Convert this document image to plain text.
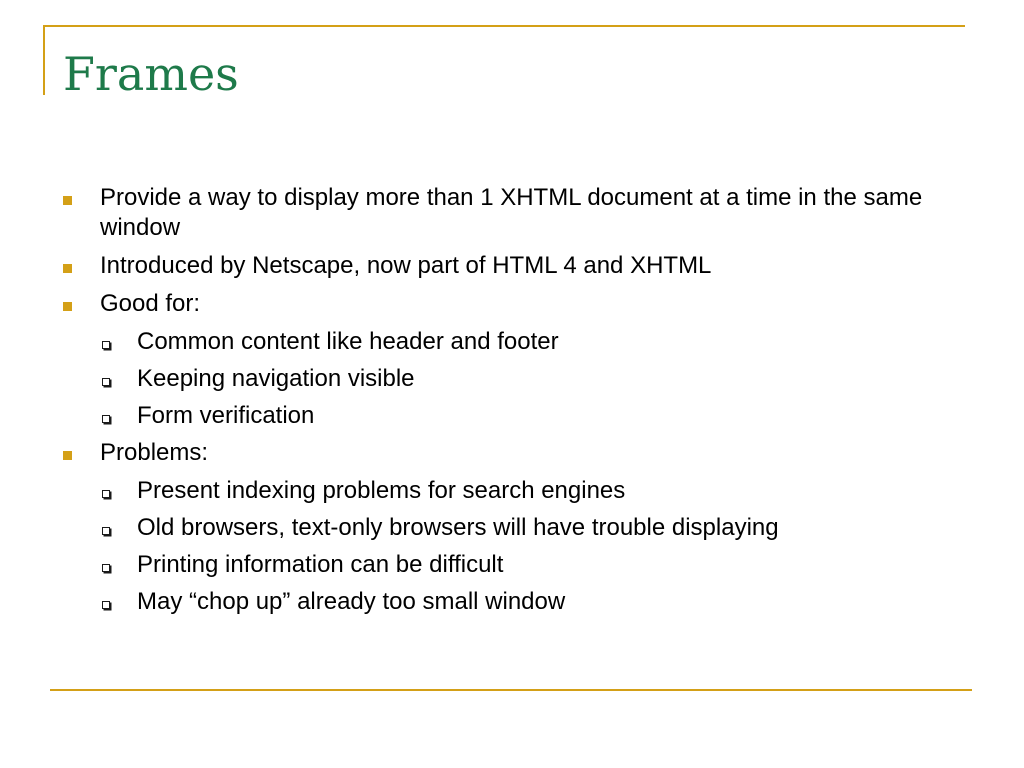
Frames
Provide a way to display more than 1 XHTML document at a time in the same window
Introduced by Netscape, now part of HTML 4 and XHTML
Good for:
Common content like header and footer
Keeping navigation visible
Form verification
Problems:
Present indexing problems for search engines
Old browsers, text-only browsers will have trouble displaying
Printing information can be difficult
May “chop up” already too small window
